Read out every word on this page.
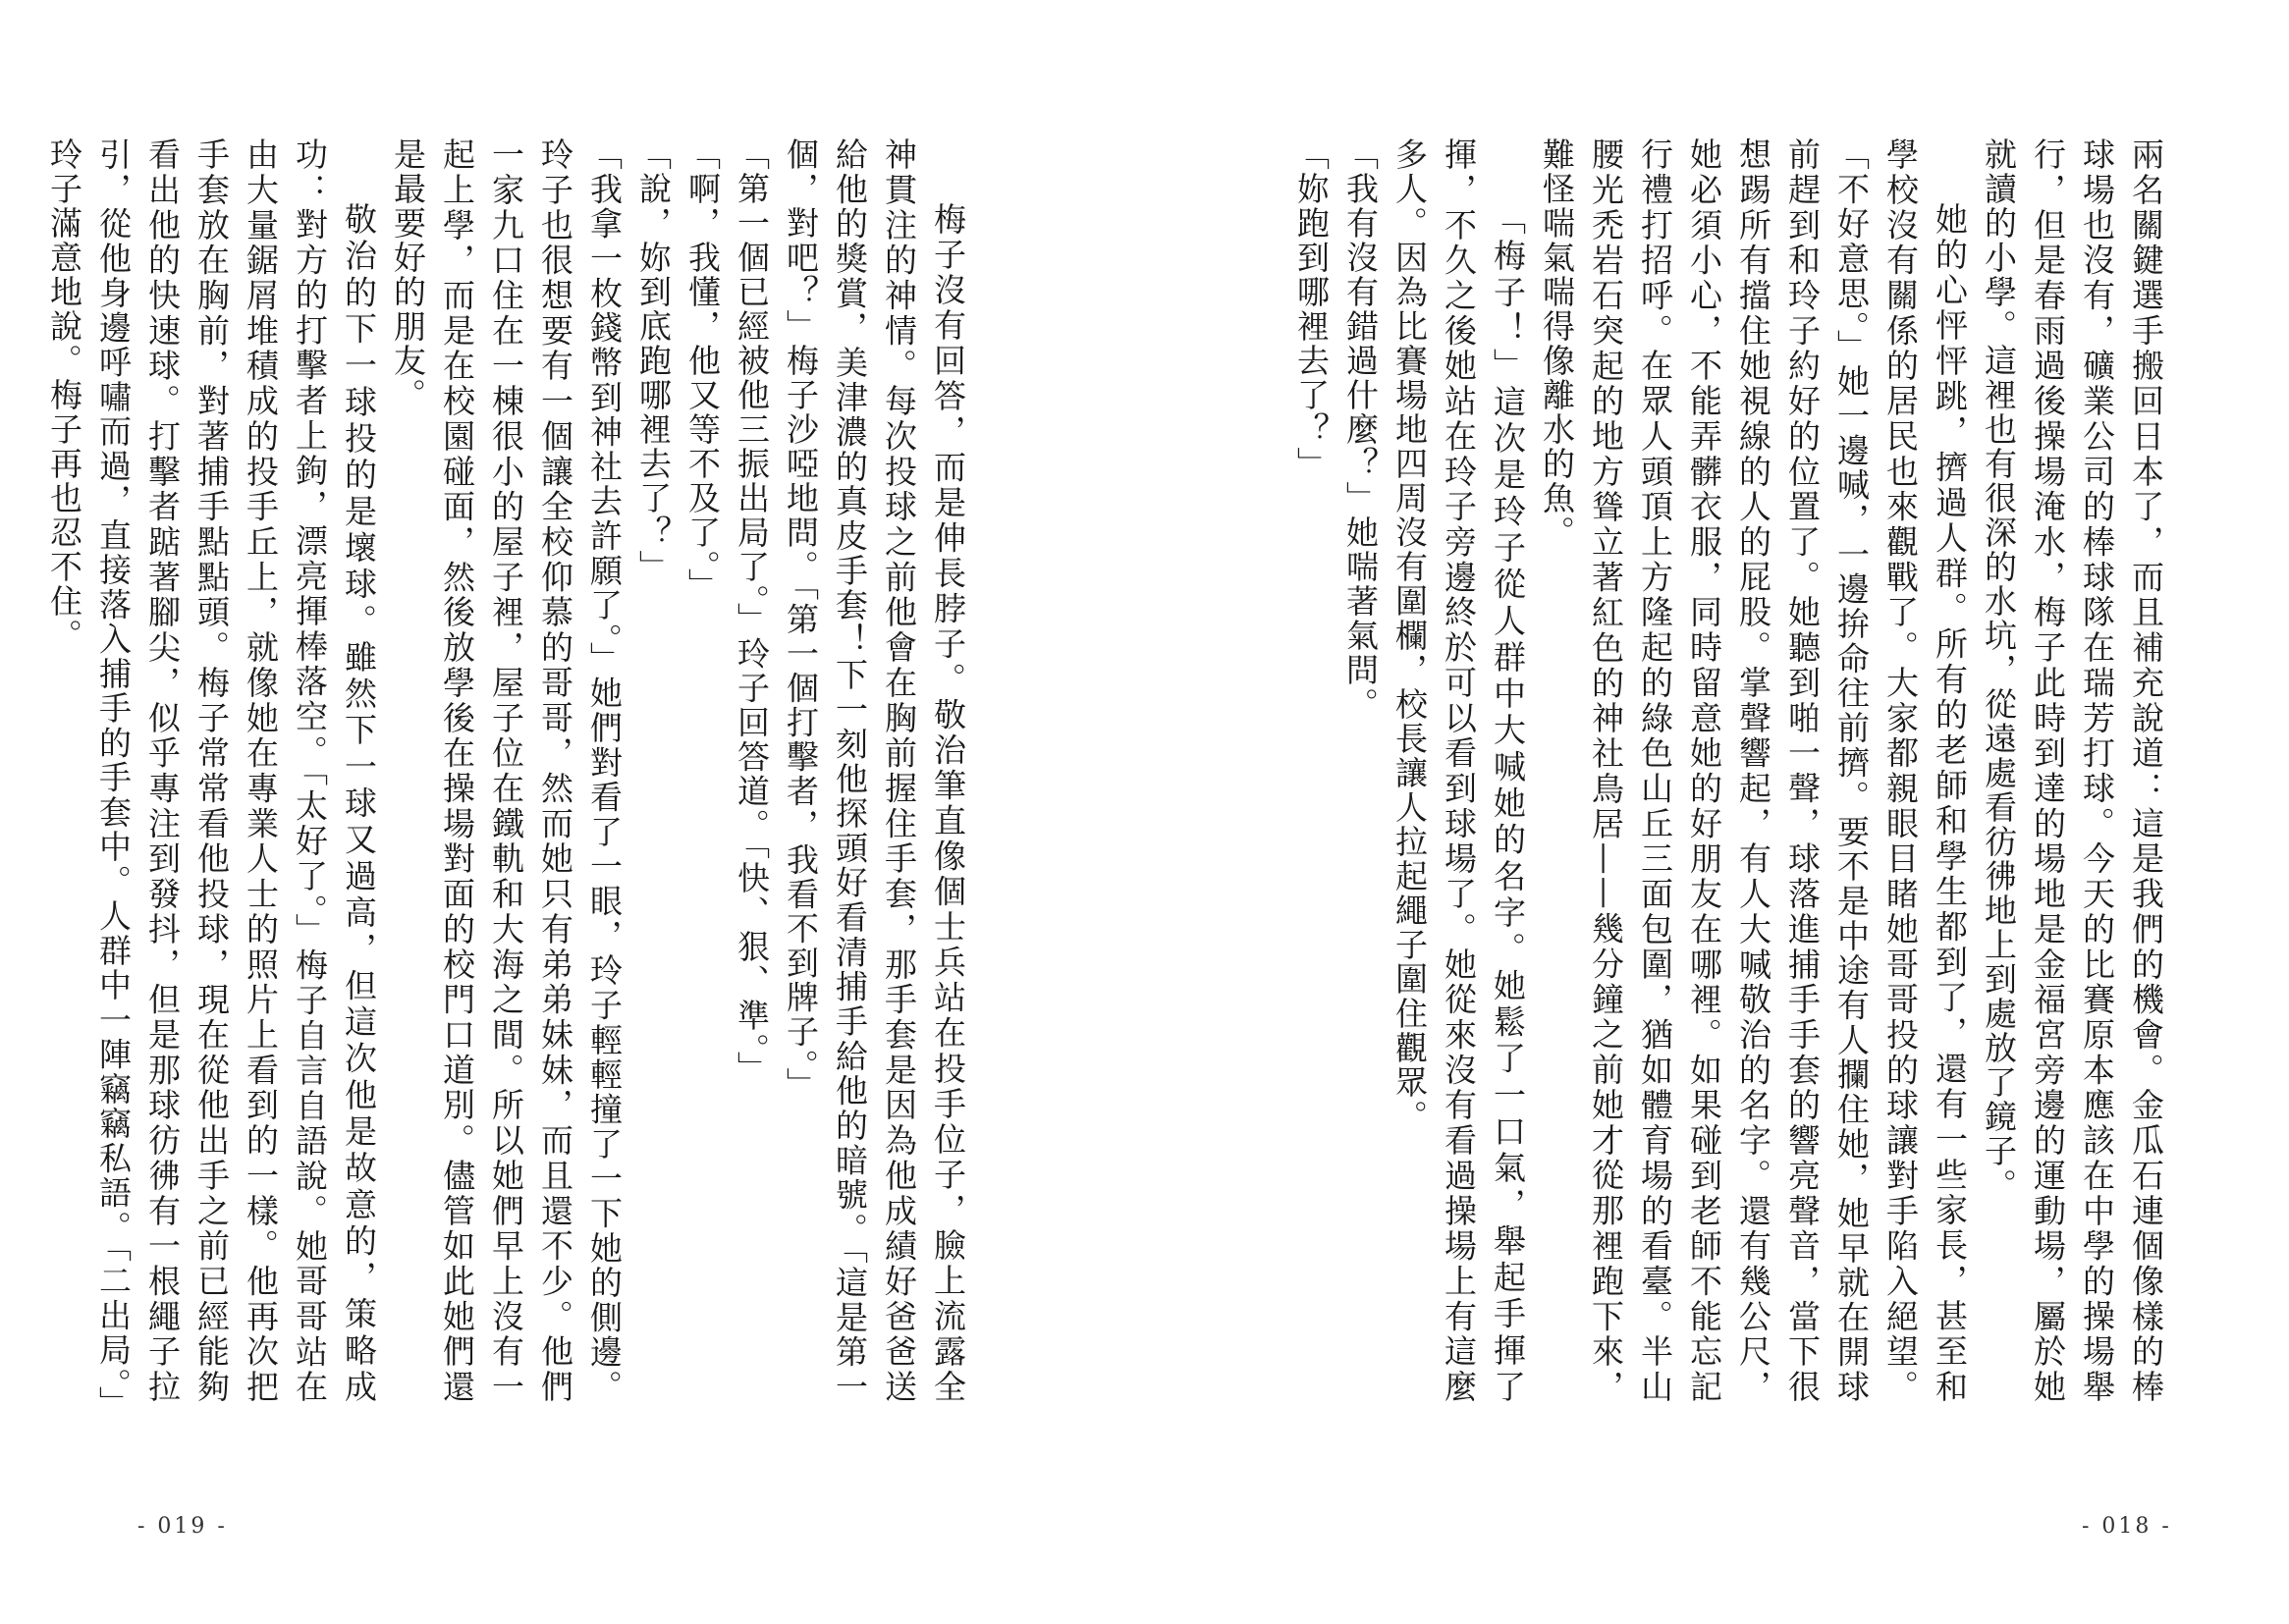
梅子沒有回答，而是伸長脖子。敬治筆直像個士兵站在投手位子，臉上流露全神貫注的神情。每次投球之前他會在胸前握住手套，那手套是因為他成績好爸爸送給他的獎賞，美津濃的真皮手套！下一刻他探頭好看清捕手給他的暗號。「這是第一個，對吧？」梅子沙啞地問。「第一個打擊者，我看不到牌子。」

「第一個已經被他三振出局了。」玲子回答道。「快、狠、準。」

「啊，我懂，他又等不及了。」

「說，妳到底跑哪裡去了？」

「我拿一枚錢幣到神社去許願了。」她們對看了一眼，玲子輕輕撞了一下她的側邊。玲子也很想要有一個讓全校仰慕的哥哥，然而她只有弟弟妹妹，而且還不少。他們一家九口住在一棟很小的屋子裡，屋子位在鐵軌和大海之間。所以她們早上沒有一起上學，而是在校園碰面，然後放學後在操場對面的校門口道別。儘管如此她們還是最要好的朋友。

敬治的下一球投的是壞球。雖然下一球又過高，但這次他是故意的，策略成功：對方的打擊者上鉤，漂亮揮棒落空。「太好了。」梅子自言自語說。她哥哥站在由大量鋸屑堆積成的投手丘上，就像她在專業人士的照片上看到的一樣。他再次把手套放在胸前，對著捕手點點頭。梅子常常看他投球，現在從他出手之前已經能夠看出他的快速球。打擊者踮著腳尖，似乎專注到發抖，但是那球彷彿有一根繩子拉引，從他身邊呼嘯而過，直接落入捕手的手套中。人群中一陣竊竊私語。「二出局。」玲子滿意地說。梅子再也忍不住。	兩名關鍵選手搬回日本了，而且補充說道：這是我們的機會。金瓜石連個像樣的棒球場也沒有，礦業公司的棒球隊在瑞芳打球。今天的比賽原本應該在中學的操場舉行，但是春雨過後操場淹水，梅子此時到達的場地是金福宮旁邊的運動場，屬於她就讀的小學。這裡也有很深的水坑，從遠處看彷彿地上到處放了鏡子。

她的心怦怦跳，擠過人群。所有的老師和學生都到了，還有一些家長，甚至和學校沒有關係的居民也來觀戰了。大家都親眼目睹她哥哥投的球讓對手陷入絕望。「不好意思。」她一邊喊，一邊拚命往前擠。要不是中途有人攔住她，她早就在開球前趕到和玲子約好的位置了。她聽到啪一聲，球落進捕手手套的響亮聲音，當下很想踢所有擋住她視線的人的屁股。掌聲響起，有人大喊敬治的名字。還有幾公尺，她必須小心，不能弄髒衣服，同時留意她的好朋友在哪裡。如果碰到老師不能忘記行禮打招呼。在眾人頭頂上方隆起的綠色山丘三面包圍，猶如體育場的看臺。半山腰光禿岩石突起的地方聳立著紅色的神社鳥居——幾分鐘之前她才從那裡跑下來，難怪喘氣喘得像離水的魚。

「梅子！」這次是玲子從人群中大喊她的名字。她鬆了一口氣，舉起手揮了揮，不久之後她站在玲子旁邊終於可以看到球場了。她從來沒有看過操場上有這麼多人。因為比賽場地四周沒有圍欄，校長讓人拉起繩子圍住觀眾。

「我有沒有錯過什麼？」她喘著氣問。

「妳跑到哪裡去了？」

- 019 -	- 018 -
